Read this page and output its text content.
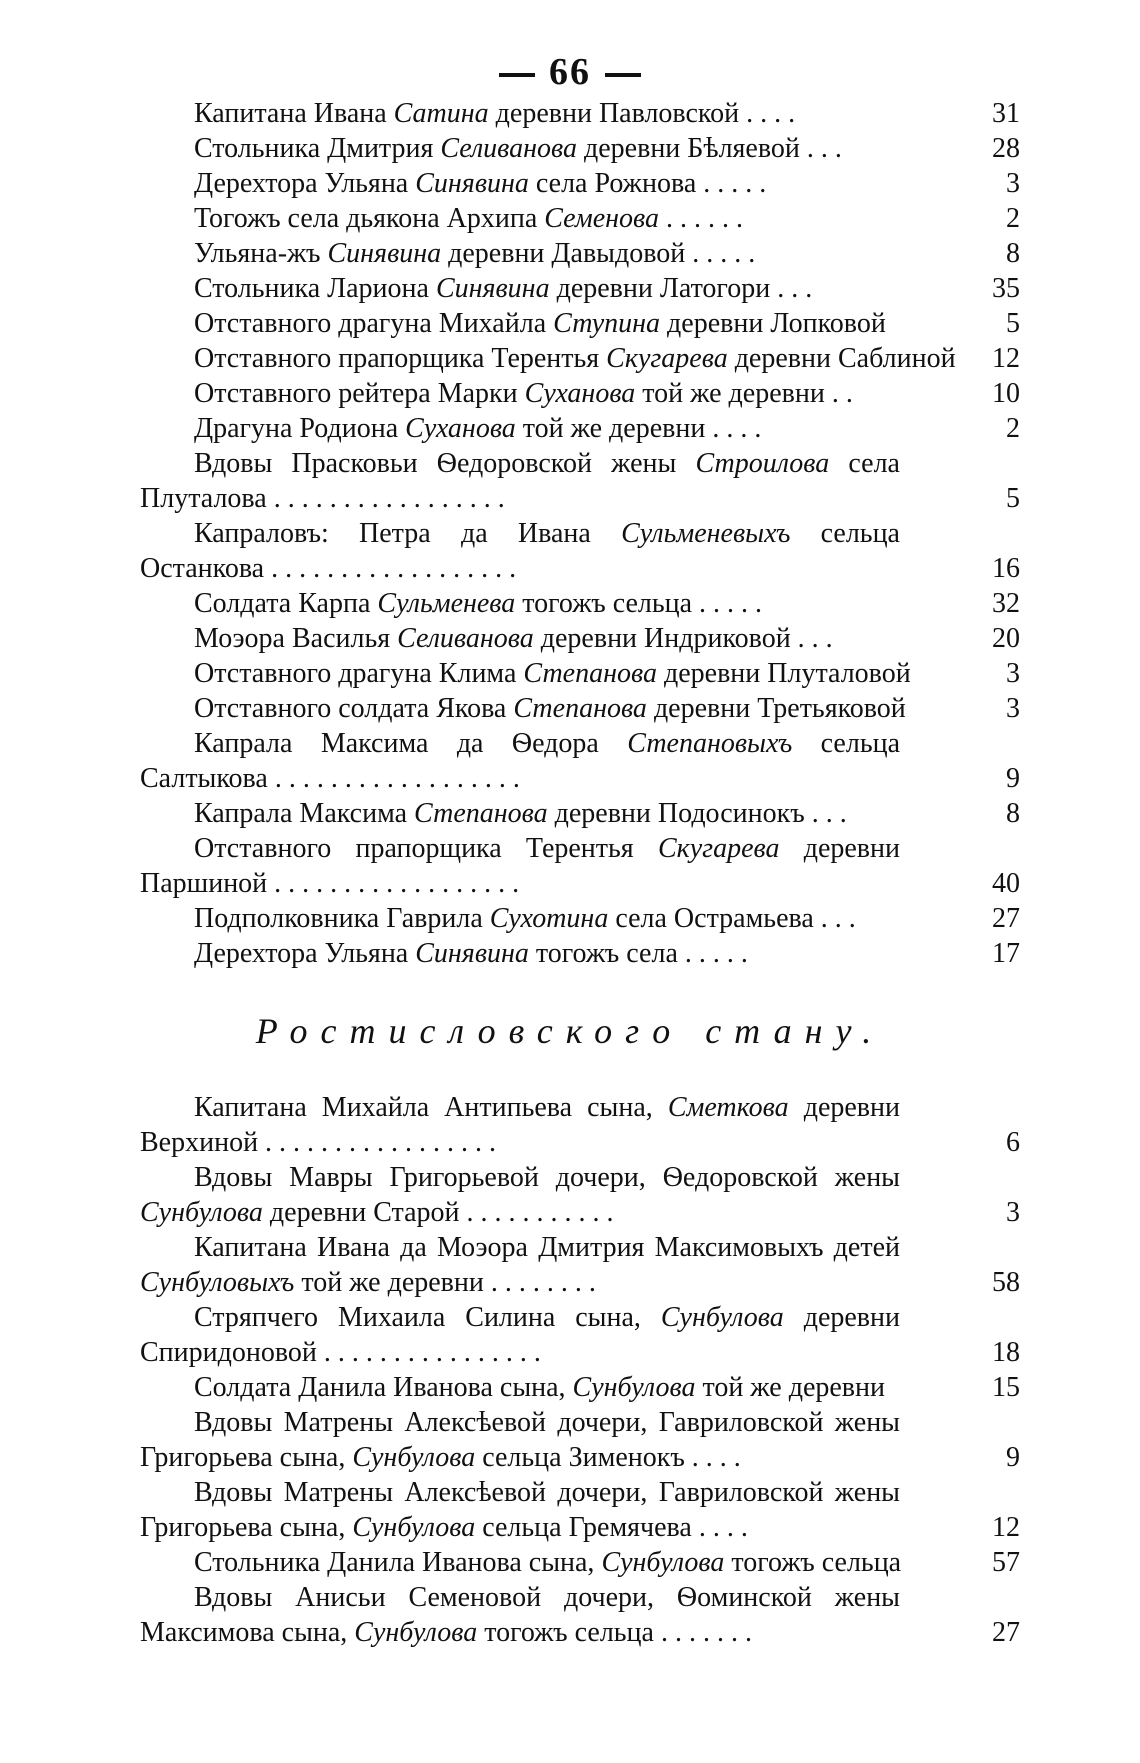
66
Капитана Ивана Сатина деревни Павловской . . . .	31
Стольника Дмитрия Селиванова деревни Бѣляевой . . .	28
Дерехтора Ульяна Синявина села Рожнова . . . . .	3
Тогожъ села дьякона Архипа Семенова . . . . . .	2
Ульяна-жъ Синявина деревни Давыдовой . . . . .	8
Стольника Лариона Синявина деревни Латогори . . .	35
Отставного драгуна Михайла Ступина деревни Лопковой	5
Отставного прапорщика Терентья Скугарева деревни Саблиной	12
Отставного рейтера Марки Суханова той же деревни . .	10
Драгуна Родиона Суханова той же деревни . . . .	2
Вдовы Прасковьи Ѳедоровской жены Строилова села Плуталова . . . . . . . . . . . . . . . . .	5
Капраловъ: Петра да Ивана Сульменевыхъ сельца Останкова . . . . . . . . . . . . . . . . . .	16
Солдата Карпа Сульменева тогожъ сельца . . . . .	32
Моэора Василья Селиванова деревни Индриковой . . .	20
Отставного драгуна Клима Степанова деревни Плуталовой	3
Отставного солдата Якова Степанова деревни Третьяковой	3
Капрала Максима да Ѳедора Степановыхъ сельца Салтыкова . . . . . . . . . . . . . . . . . .	9
Капрала Максима Степанова деревни Подосинокъ . . .	8
Отставного прапорщика Терентья Скугарева деревни Паршиной . . . . . . . . . . . . . . . . . .	40
Подполковника Гаврила Сухотина села Острамьева . . .	27
Дерехтора Ульяна Синявина тогожъ села . . . . .	17
Ростисловского стану.
Капитана Михайла Антипьева сына, Сметкова деревни Верхиной . . . . . . . . . . . . . . . . .	6
Вдовы Мавры Григорьевой дочери, Ѳедоровской жены Сунбулова деревни Старой . . . . . . . . . . .	3
Капитана Ивана да Моэора Дмитрия Максимовыхъ детей Сунбуловыхъ той же деревни . . . . . . . .	58
Стряпчего Михаила Силина сына, Сунбулова деревни Спиридоновой . . . . . . . . . . . . . . . .	18
Солдата Данила Иванова сына, Сунбулова той же деревни	15
Вдовы Матрены Алексѣевой дочери, Гавриловской жены Григорьева сына, Сунбулова сельца Зименокъ . . . .	9
Вдовы Матрены Алексѣевой дочери, Гавриловской жены Григорьева сына, Сунбулова сельца Гремячева . . . .	12
Стольника Данила Иванова сына, Сунбулова тогожъ сельца	57
Вдовы Анисьи Семеновой дочери, Ѳоминской жены Максимова сына, Сунбулова тогожъ сельца . . . . . . .	27
